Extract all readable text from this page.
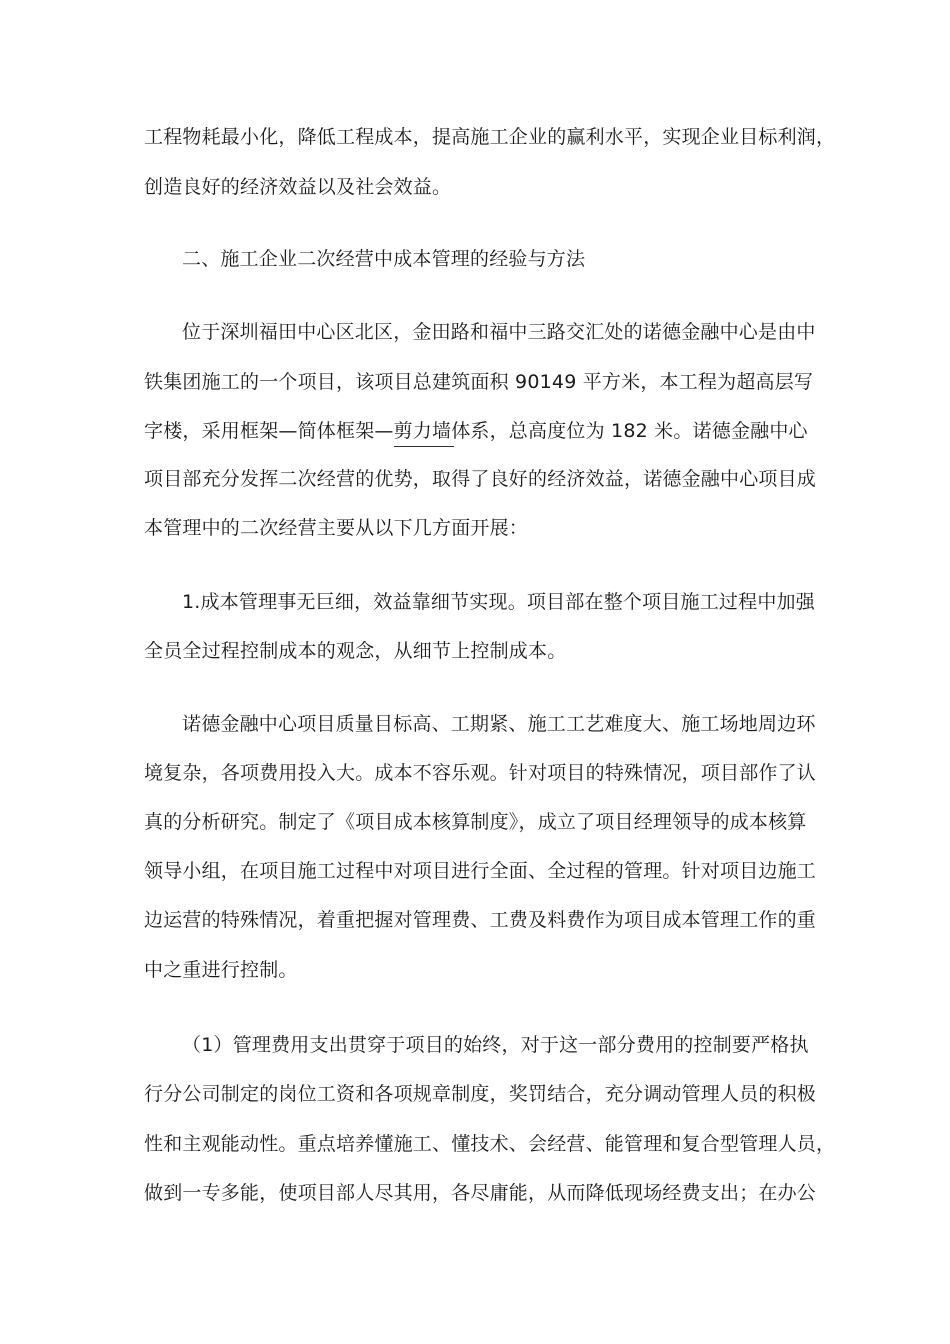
工程物耗最小化，降低工程成本，提高施工企业的赢利水平，实现企业目标利润，
创造良好的经济效益以及社会效益。
二、施工企业二次经营中成本管理的经验与方法
位于深圳福田中心区北区，金田路和福中三路交汇处的诺德金融中心是由中
铁集团施工的一个项目，该项目总建筑面积 90149 平方米，本工程为超高层写
字楼，采用框架—简体框架—剪力墙体系，总高度位为 182 米。诺德金融中心
项目部充分发挥二次经营的优势，取得了良好的经济效益，诺德金融中心项目成
本管理中的二次经营主要从以下几方面开展：
1.成本管理事无巨细，效益靠细节实现。项目部在整个项目施工过程中加强
全员全过程控制成本的观念，从细节上控制成本。
诺德金融中心项目质量目标高、工期紧、施工工艺难度大、施工场地周边环
境复杂，各项费用投入大。成本不容乐观。针对项目的特殊情况，项目部作了认
真的分析研究。制定了《项目成本核算制度》，成立了项目经理领导的成本核算
领导小组，在项目施工过程中对项目进行全面、全过程的管理。针对项目边施工
边运营的特殊情况，着重把握对管理费、工费及料费作为项目成本管理工作的重
中之重进行控制。
（1）管理费用支出贯穿于项目的始终，对于这一部分费用的控制要严格执
行分公司制定的岗位工资和各项规章制度，奖罚结合，充分调动管理人员的积极
性和主观能动性。重点培养懂施工、懂技术、会经营、能管理和复合型管理人员，
做到一专多能，使项目部人尽其用，各尽庸能，从而降低现场经费支出；在办公
